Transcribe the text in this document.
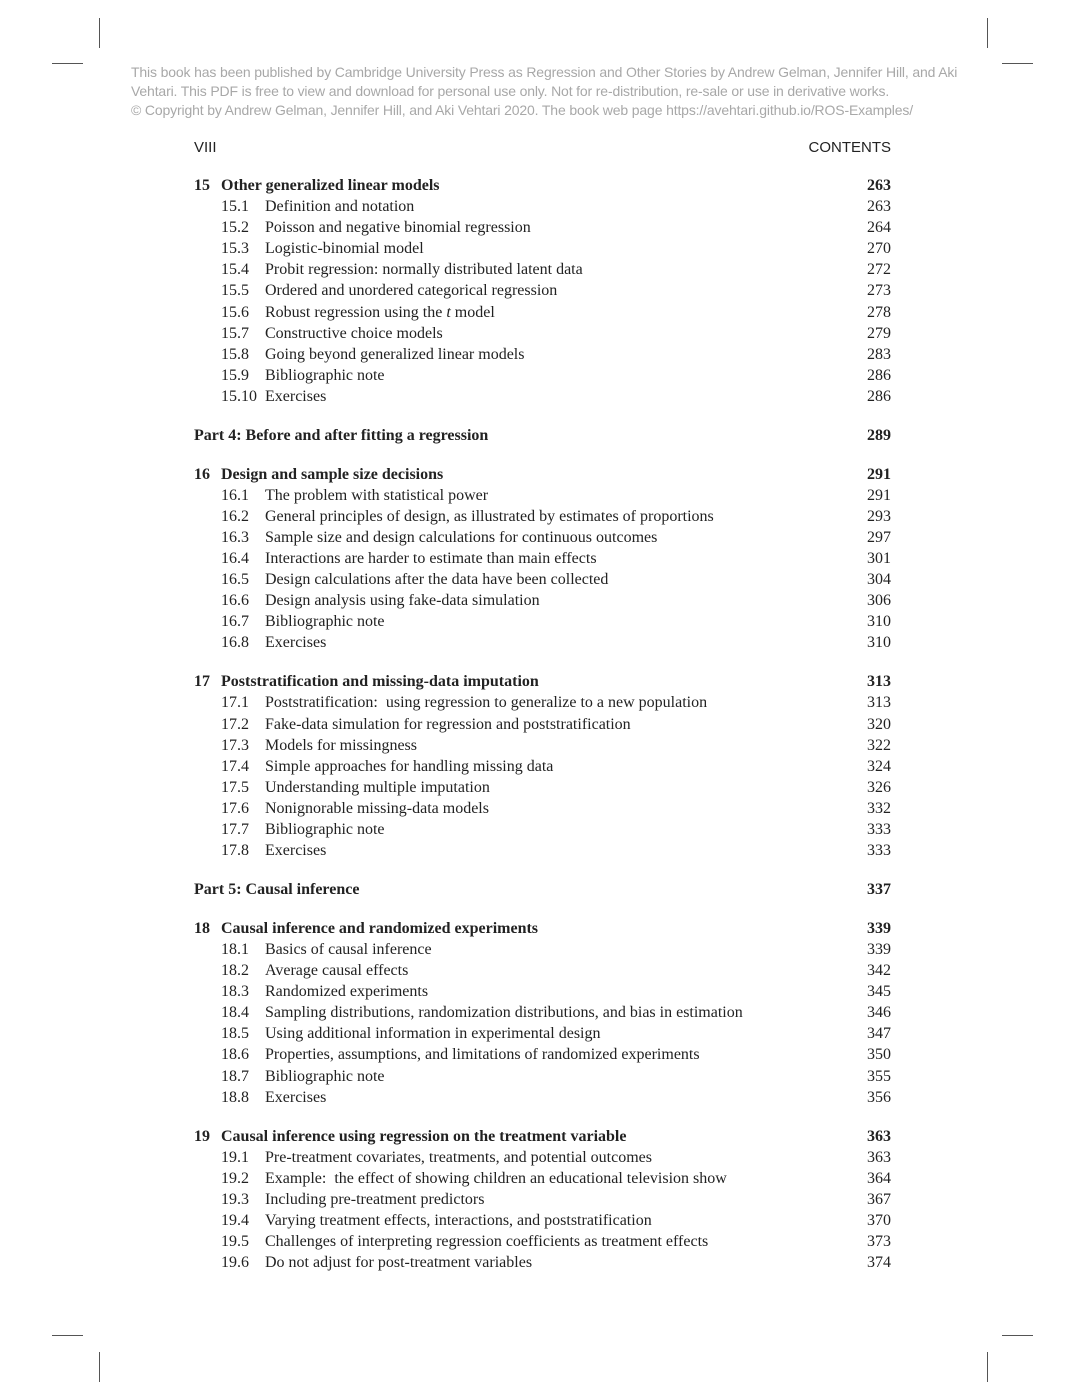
This book has been published by Cambridge University Press as Regression and Other Stories by Andrew Gelman, Jennifer Hill, and Aki
Vehtari. This PDF is free to view and download for personal use only. Not for re-distribution, re-sale or use in derivative works.
© Copyright by Andrew Gelman, Jennifer Hill, and Aki Vehtari 2020. The book web page https://avehtari.github.io/ROS-Examples/
VIII	CONTENTS
15 Other generalized linear models	263
15.1 Definition and notation	263
15.2 Poisson and negative binomial regression	264
15.3 Logistic-binomial model	270
15.4 Probit regression: normally distributed latent data	272
15.5 Ordered and unordered categorical regression	273
15.6 Robust regression using the t model	278
15.7 Constructive choice models	279
15.8 Going beyond generalized linear models	283
15.9 Bibliographic note	286
15.10 Exercises	286
Part 4: Before and after fitting a regression	289
16 Design and sample size decisions	291
16.1 The problem with statistical power	291
16.2 General principles of design, as illustrated by estimates of proportions	293
16.3 Sample size and design calculations for continuous outcomes	297
16.4 Interactions are harder to estimate than main effects	301
16.5 Design calculations after the data have been collected	304
16.6 Design analysis using fake-data simulation	306
16.7 Bibliographic note	310
16.8 Exercises	310
17 Poststratification and missing-data imputation	313
17.1 Poststratification:  using regression to generalize to a new population	313
17.2 Fake-data simulation for regression and poststratification	320
17.3 Models for missingness	322
17.4 Simple approaches for handling missing data	324
17.5 Understanding multiple imputation	326
17.6 Nonignorable missing-data models	332
17.7 Bibliographic note	333
17.8 Exercises	333
Part 5: Causal inference	337
18 Causal inference and randomized experiments	339
18.1 Basics of causal inference	339
18.2 Average causal effects	342
18.3 Randomized experiments	345
18.4 Sampling distributions, randomization distributions, and bias in estimation	346
18.5 Using additional information in experimental design	347
18.6 Properties, assumptions, and limitations of randomized experiments	350
18.7 Bibliographic note	355
18.8 Exercises	356
19 Causal inference using regression on the treatment variable	363
19.1 Pre-treatment covariates, treatments, and potential outcomes	363
19.2 Example:  the effect of showing children an educational television show	364
19.3 Including pre-treatment predictors	367
19.4 Varying treatment effects, interactions, and poststratification	370
19.5 Challenges of interpreting regression coefficients as treatment effects	373
19.6 Do not adjust for post-treatment variables	374
